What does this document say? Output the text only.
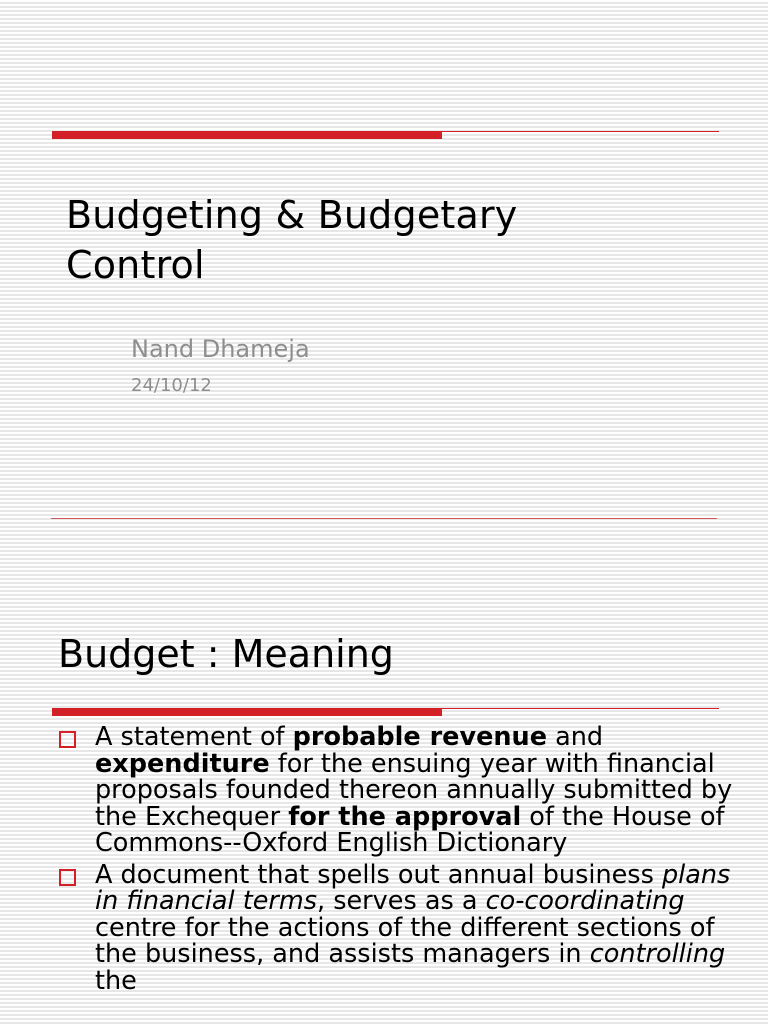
Budgeting & Budgetary
Control
Nand Dhameja
24/10/12
Budget : Meaning
A statement of probable revenue and expenditure for the ensuing year with financial proposals founded thereon annually submitted by the Exchequer for the approval of the House of Commons--Oxford English Dictionary
A document that spells out annual business plans in financial terms, serves as a co-coordinating centre for the actions of the different sections of the business, and assists managers in controlling the
